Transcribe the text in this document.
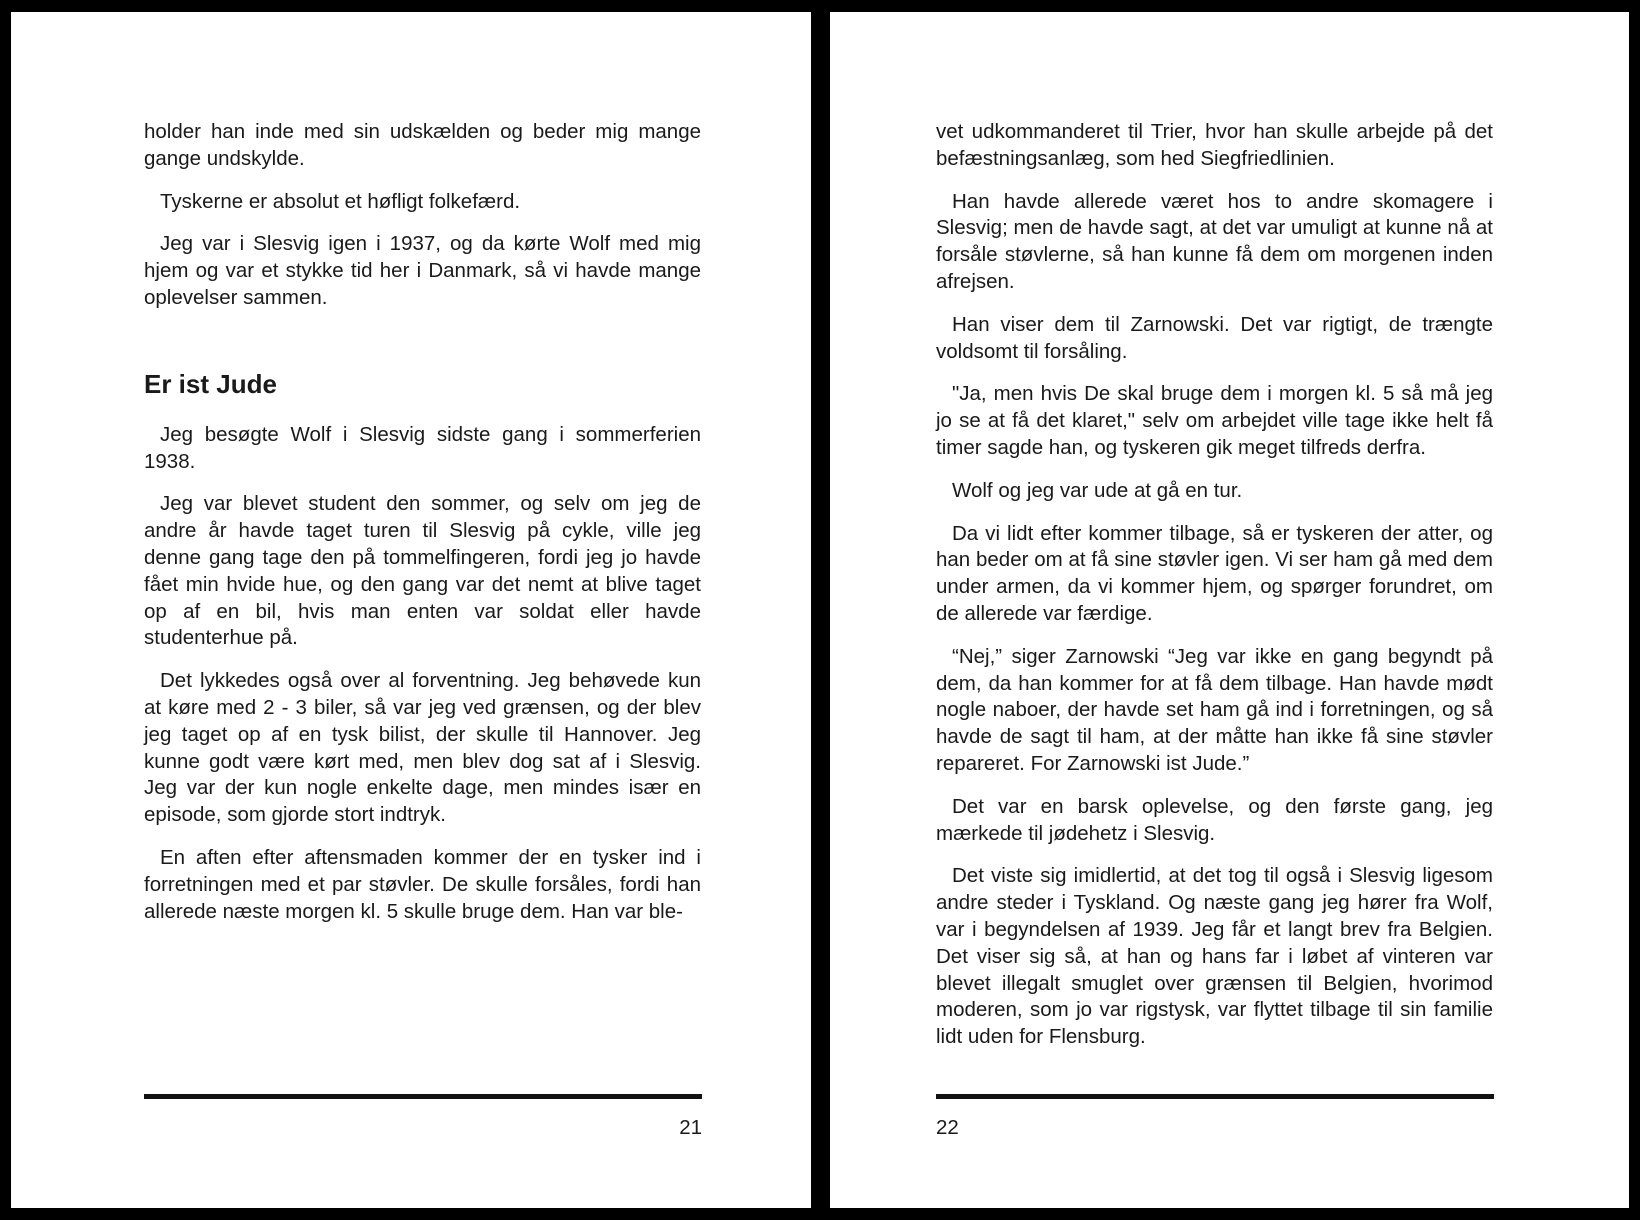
holder han inde med sin udskælden og beder mig mange gange undskylde.

Tyskerne er absolut et høfligt folkefærd.

Jeg var i Slesvig igen i 1937, og da kørte Wolf med mig hjem og var et stykke tid her i Danmark, så vi havde mange oplevelser sammen.

Er ist Jude

Jeg besøgte Wolf i Slesvig sidste gang i sommerferien 1938.

Jeg var blevet student den sommer, og selv om jeg de andre år havde taget turen til Slesvig på cykle, ville jeg denne gang tage den på tommelfingeren, fordi jeg jo havde fået min hvide hue, og den gang var det nemt at blive taget op af en bil, hvis man enten var soldat eller havde studenterhue på.

Det lykkedes også over al forventning. Jeg behøvede kun at køre med 2 - 3 biler, så var jeg ved grænsen, og der blev jeg taget op af en tysk bilist, der skulle til Hannover. Jeg kunne godt være kørt med, men blev dog sat af i Slesvig. Jeg var der kun nogle enkelte dage, men mindes især en episode, som gjorde stort indtryk.

En aften efter aftensmaden kommer der en tysker ind i forretningen med et par støvler. De skulle forsåles, fordi han allerede næste morgen kl. 5 skulle bruge dem. Han var ble-

21

vet udkommanderet til Trier, hvor han skulle arbejde på det befæstningsanlæg, som hed Siegfriedlinien.

Han havde allerede været hos to andre skomagere i Slesvig; men de havde sagt, at det var umuligt at kunne nå at forsåle støvlerne, så han kunne få dem om morgenen inden afrejsen.

Han viser dem til Zarnowski. Det var rigtigt, de trængte voldsomt til forsåling.

"Ja, men hvis De skal bruge dem i morgen kl. 5 så må jeg jo se at få det klaret," selv om arbejdet ville tage ikke helt få timer sagde han, og tyskeren gik meget tilfreds derfra.

Wolf og jeg var ude at gå en tur.

Da vi lidt efter kommer tilbage, så er tyskeren der atter, og han beder om at få sine støvler igen. Vi ser ham gå med dem under armen, da vi kommer hjem, og spørger forundret, om de allerede var færdige.

“Nej,” siger Zarnowski “Jeg var ikke en gang begyndt på dem, da han kommer for at få dem tilbage. Han havde mødt nogle naboer, der havde set ham gå ind i forretningen, og så havde de sagt til ham, at der måtte han ikke få sine støvler repareret. For Zarnowski ist Jude.”

Det var en barsk oplevelse, og den første gang, jeg mærkede til jødehetz i Slesvig.

Det viste sig imidlertid, at det tog til også i Slesvig ligesom andre steder i Tyskland. Og næste gang jeg hører fra Wolf, var i begyndelsen af 1939. Jeg får et langt brev fra Belgien. Det viser sig så, at han og hans far i løbet af vinteren var blevet illegalt smuglet over grænsen til Belgien, hvorimod moderen, som jo var rigstysk, var flyttet tilbage til sin familie lidt uden for Flensburg.

22
